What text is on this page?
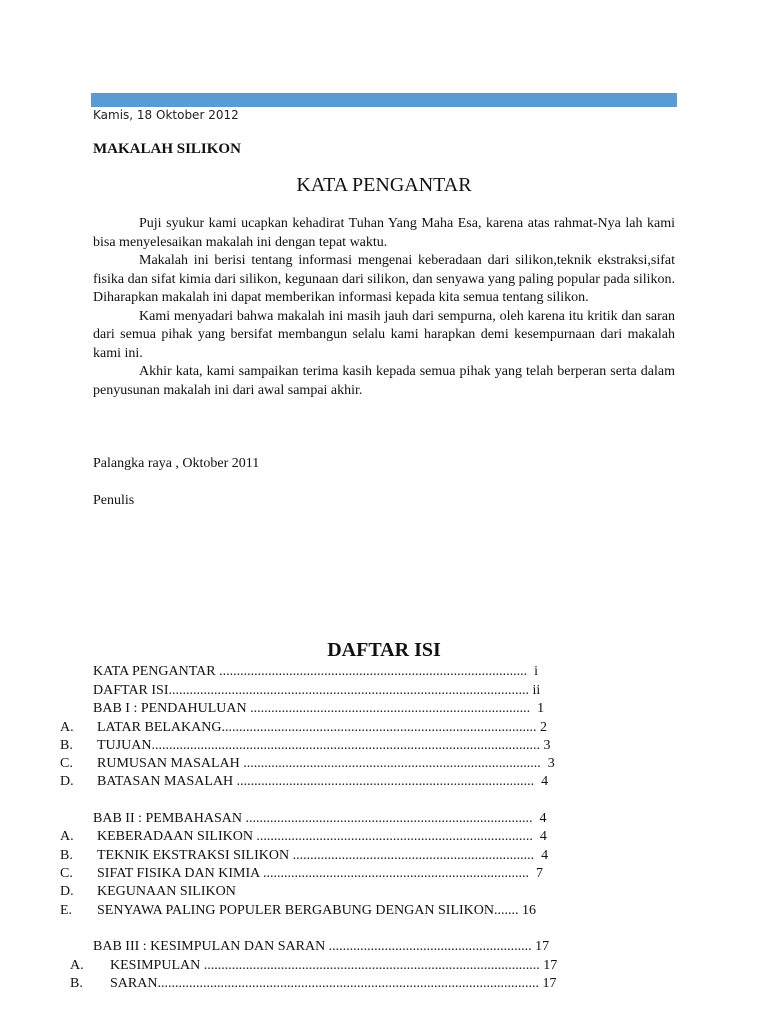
Kamis, 18 Oktober 2012
MAKALAH SILIKON
KATA PENGANTAR

Puji syukur kami ucapkan kehadirat Tuhan Yang Maha Esa, karena atas rahmat-Nya lah kami bisa menyelesaikan makalah ini dengan tepat waktu.

Makalah ini berisi tentang informasi mengenai keberadaan dari silikon,teknik ekstraksi,sifat fisika dan sifat kimia dari silikon, kegunaan dari silikon, dan senyawa yang paling popular pada silikon. Diharapkan makalah ini dapat memberikan informasi kepada kita semua tentang silikon.

Kami menyadari bahwa makalah ini masih jauh dari sempurna, oleh karena itu kritik dan saran dari semua pihak yang bersifat membangun selalu kami harapkan demi kesempurnaan dari makalah kami ini.

Akhir kata, kami sampaikan terima kasih kepada semua pihak yang telah berperan serta dalam penyusunan makalah ini dari awal sampai akhir.

Palangka raya , Oktober 2011
Penulis
DAFTAR ISI
KATA PENGANTAR ........................................................................................  i
DAFTAR ISI....................................................................................................... ii
BAB I : PENDAHULUAN ................................................................................  1
A. LATAR BELAKANG.......................................................................................... 2
B. TUJUAN............................................................................................................... 3
C. RUMUSAN MASALAH .....................................................................................  3
D. BATASAN MASALAH .....................................................................................  4
BAB II : PEMBAHASAN ..................................................................................  4
A. KEBERADAAN SILIKON ...............................................................................  4
B. TEKNIK EKSTRAKSI SILIKON .....................................................................  4
C. SIFAT FISIKA DAN KIMIA ............................................................................  7
D. KEGUNAAN SILIKON
E. SENYAWA PALING POPULER BERGABUNG DENGAN SILIKON....... 16
BAB III : KESIMPULAN DAN SARAN .......................................................... 17
A. KESIMPULAN ................................................................................................ 17
B. SARAN............................................................................................................. 17
